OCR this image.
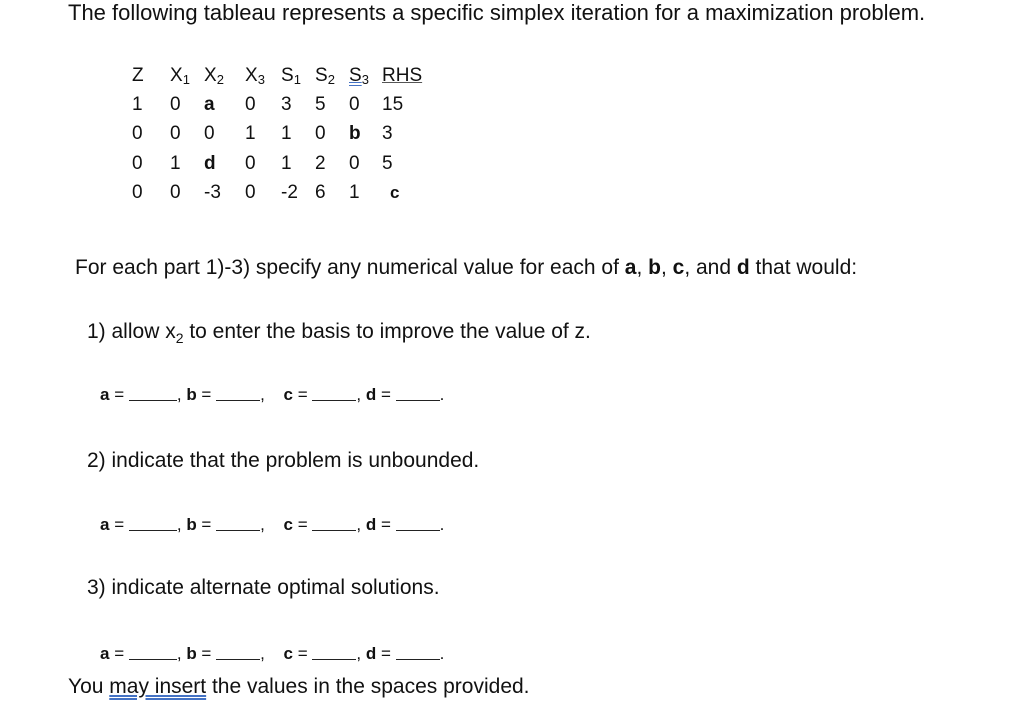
The following tableau represents a specific simplex iteration for a maximization problem.
Z	$X_1$	$X_2$	$X_3$	$S_1$	$S_2$	$S_3$	RHS
1	0	a	0	3	5	0	15
0	0	0	1	1	0	b	3
0	1	d	0	1	2	0	5
0	0	-3	0	-2	6	1	c
For each part 1)-3) specify any numerical value for each of a, b, c, and d that would:
1) allow $x_2$ to enter the basis to improve the value of z.
a =	, b =	, c =	, d =	.
2) indicate that the problem is unbounded.
a =	, b =	, c =	, d =	.
3) indicate alternate optimal solutions.
a =	, b =	, c =	, d =	.
You may insert the values in the spaces provided.
